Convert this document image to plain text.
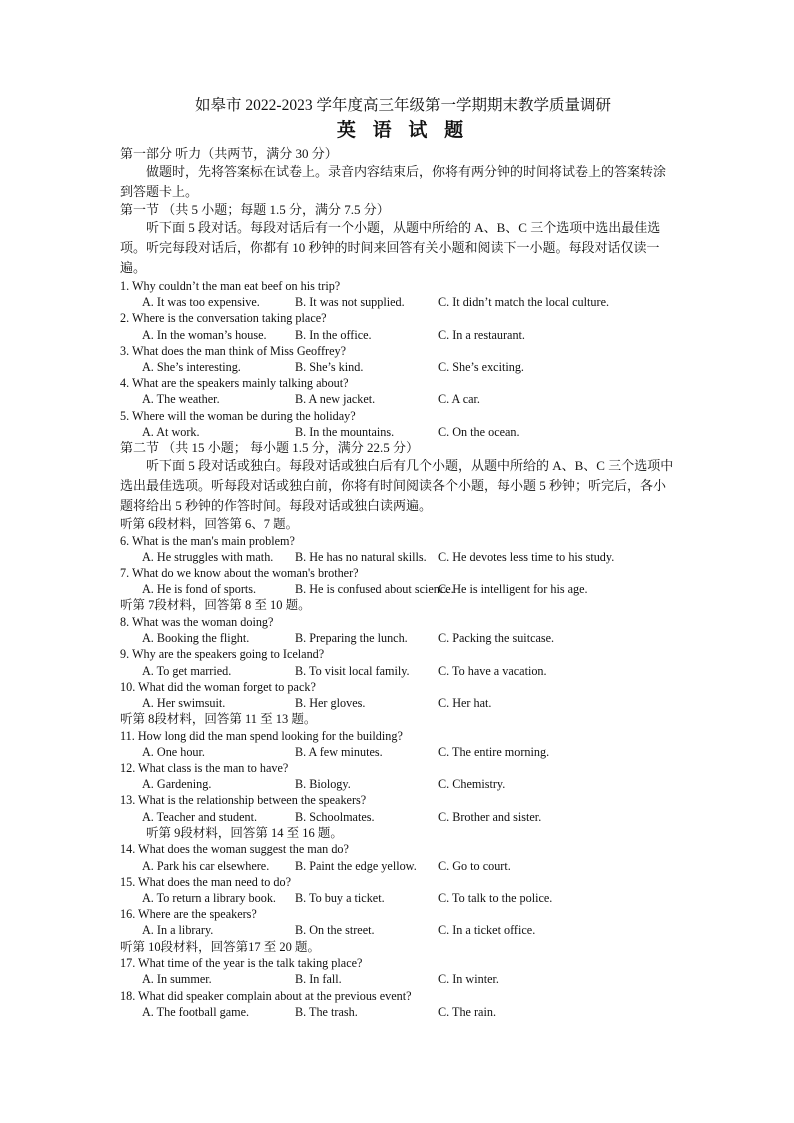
如皋市 2022-2023 学年度高三年级第一学期期末教学质量调研
英 语 试 题
第一部分 听力（共两节，满分 30 分）
做题时，先将答案标在试卷上。录音内容结束后，你将有两分钟的时间将试卷上的答案转涂到答题卡上。
第一节 （共 5 小题；每题 1.5 分，满分 7.5 分）
听下面 5 段对话。每段对话后有一个小题，从题中所给的 A、B、C 三个选项中选出最佳选项。听完每段对话后，你都有 10 秒钟的时间来回答有关小题和阅读下一小题。每段对话仅读一遍。
1. Why couldn’t the man eat beef on his trip?
A. It was too expensive.	B. It was not supplied.	C. It didn’t match the local culture.
2. Where is the conversation taking place?
A. In the woman’s house. B. In the office.	C. In a restaurant.
3. What does the man think of Miss Geoffrey?
A. She’s interesting.	B. She’s kind.	C. She’s exciting.
4. What are the speakers mainly talking about?
A. The weather.	B. A new jacket.	C. A car.
5. Where will the woman be during the holiday?
A. At work.	B. In the mountains.	C. On the ocean.
第二节 （共 15 小题； 每小题 1.5 分，满分 22.5 分）
听下面 5 段对话或独白。每段对话或独白后有几个小题，从题中所给的 A、B、C 三个选项中选出最佳选项。听每段对话或独白前，你将有时间阅读各个小题，每小题 5 秒钟；听完后，各小题将给出 5 秒钟的作答时间。每段对话或独白读两遍。
听第 6段材料，回答第 6、7 题。
6. What is the man's main problem?
A. He struggles with math. B. He has no natural skills. C. He devotes less time to his study.
7. What do we know about the woman's brother?
A. He is fond of sports.	B. He is confused about science.
C. He is intelligent for his age.
听第 7段材料，回答第 8 至 10 题。
8. What was the woman doing?
A. Booking the flight.	B. Preparing the lunch. C. Packing the suitcase.
9. Why are the speakers going to Iceland?
A. To get married.	B. To visit local family. C. To have a vacation.
10. What did the woman forget to pack?
A. Her swimsuit.	B. Her gloves.	C. Her hat.
听第 8段材料，回答第 11 至 13 题。
11. How long did the man spend looking for the building?
A. One hour.	B. A few minutes.	C. The entire morning.
12. What class is the man to have?
A. Gardening.	B. Biology.	C. Chemistry.
13. What is the relationship between the speakers?
A. Teacher and student.	B. Schoolmates.	C. Brother and sister.
听第 9段材料，回答第 14 至 16 题。
14. What does the woman suggest the man do?
A. Park his car elsewhere. B. Paint the edge yellow. C. Go to court.
15. What does the man need to do?
A. To return a library book. B. To buy a ticket.	C. To talk to the police.
16. Where are the speakers?
A. In a library.	B. On the street.	C. In a ticket office.
听第 10段材料，回答第17 至 20 题。
17. What time of the year is the talk taking place?
A. In summer.	B. In fall.	C. In winter.
18. What did speaker complain about at the previous event?
A. The football game.	B. The trash.	C. The rain.
